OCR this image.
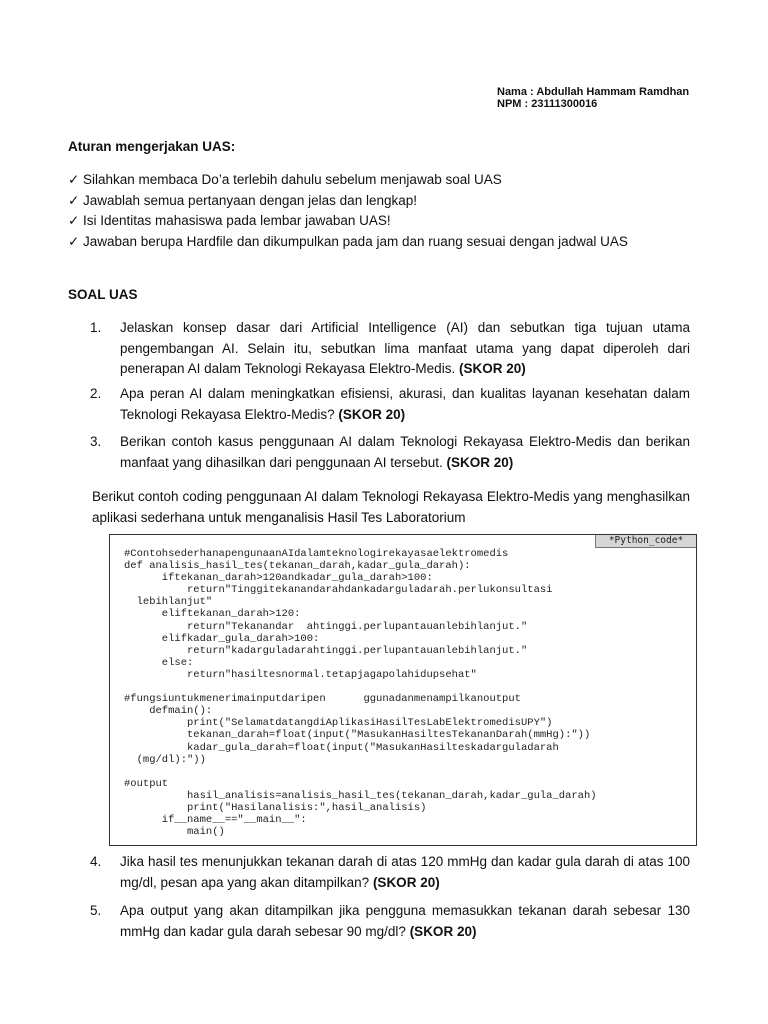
Nama : Abdullah Hammam Ramdhan
NPM : 23111300016
Aturan mengerjakan UAS:
✓ Silahkan membaca Do’a terlebih dahulu sebelum menjawab soal UAS
✓ Jawablah semua pertanyaan dengan jelas dan lengkap!
✓ Isi Identitas mahasiswa pada lembar jawaban UAS!
✓ Jawaban berupa Hardfile dan dikumpulkan pada jam dan ruang sesuai dengan jadwal UAS
SOAL UAS
1. Jelaskan konsep dasar dari Artificial Intelligence (AI) dan sebutkan tiga tujuan utama pengembangan AI. Selain itu, sebutkan lima manfaat utama yang dapat diperoleh dari penerapan AI dalam Teknologi Rekayasa Elektro-Medis. (SKOR 20)
2. Apa peran AI dalam meningkatkan efisiensi, akurasi, dan kualitas layanan kesehatan dalam Teknologi Rekayasa Elektro-Medis? (SKOR 20)
3. Berikan contoh kasus penggunaan AI dalam Teknologi Rekayasa Elektro-Medis dan berikan manfaat yang dihasilkan dari penggunaan AI tersebut. (SKOR 20)
Berikut contoh coding penggunaan AI dalam Teknologi Rekayasa Elektro-Medis yang menghasilkan aplikasi sederhana untuk menganalisis Hasil Tes Laboratorium
*Python_code*
#ContohsederhanapengunaanAIdalamteknologirekayasaelektromedis
def analisis_hasil_tes(tekanan_darah,kadar_gula_darah):
iftekanan_darah>120andkadar_gula_darah>100:
return"Tinggitekanandarahdankadarguladarah.perlukonsultasi
lebihlanjut"
eliftekanan_darah>120:
return"Tekanandar  ahtinggi.perlupantauanlebihlanjut."
elifkadar_gula_darah>100:
return"kadarguladarahtinggi.perlupantauanlebihlanjut."
else:
return"hasiltesnormal.tetapjagapolahidupsehat"

#fungsiuntukmenerimainputdaripen      ggunadanmenampilkanoutput
defmain():
print("SelamatdatangdiAplikasiHasilTesLabElektromedisUPY")
tekanan_darah=float(input("MasukanHasiltesTekananDarah(mmHg):"))
kadar_gula_darah=float(input("MasukanHasilteskadarguladarah
(mg/dl):"))

#output
hasil_analisis=analisis_hasil_tes(tekanan_darah,kadar_gula_darah)
print("Hasilanalisis:",hasil_analisis)
if__name__=="__main__":
main()
4. Jika hasil tes menunjukkan tekanan darah di atas 120 mmHg dan kadar gula darah di atas 100 mg/dl, pesan apa yang akan ditampilkan? (SKOR 20)
5. Apa output yang akan ditampilkan jika pengguna memasukkan tekanan darah sebesar 130 mmHg dan kadar gula darah sebesar 90 mg/dl? (SKOR 20)
